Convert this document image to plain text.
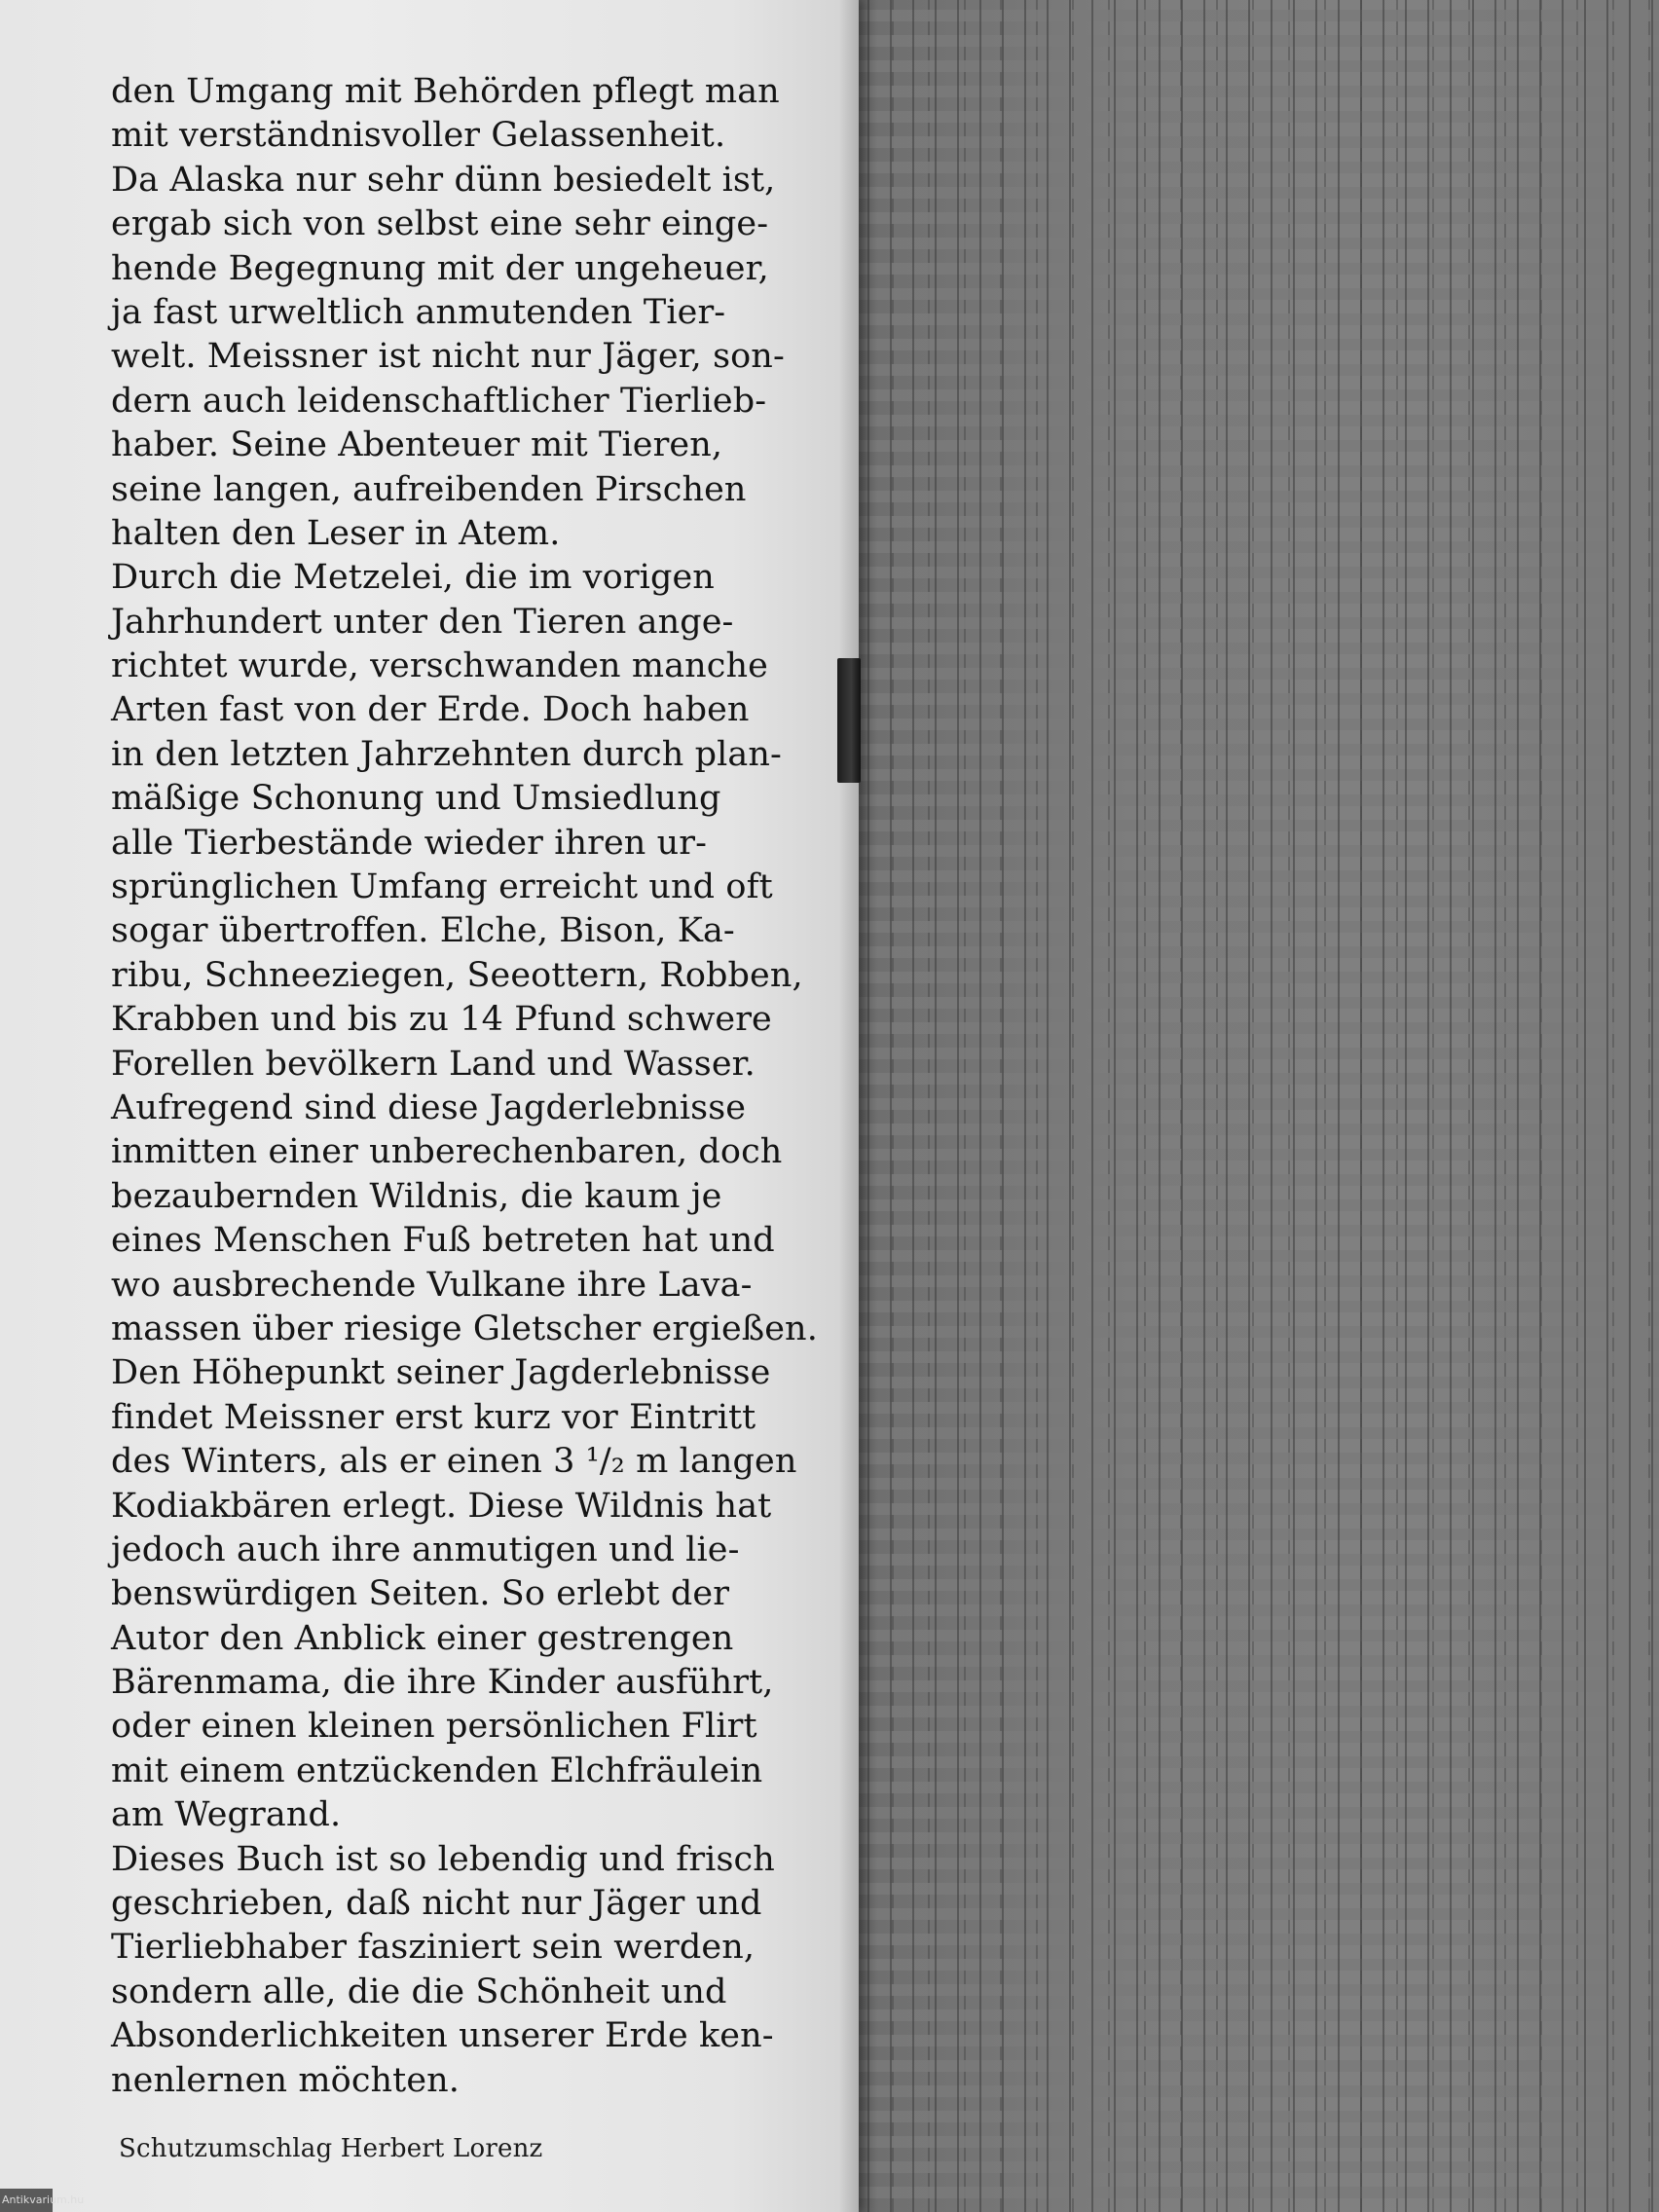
den Umgang mit Behörden pflegt man
mit verständnisvoller Gelassenheit.
Da Alaska nur sehr dünn besiedelt ist,
ergab sich von selbst eine sehr einge-
hende Begegnung mit der ungeheuer,
ja fast urweltlich anmutenden Tier-
welt. Meissner ist nicht nur Jäger, son-
dern auch leidenschaftlicher Tierlieb-
haber. Seine Abenteuer mit Tieren,
seine langen, aufreibenden Pirschen
halten den Leser in Atem.
Durch die Metzelei, die im vorigen
Jahrhundert unter den Tieren ange-
richtet wurde, verschwanden manche
Arten fast von der Erde. Doch haben
in den letzten Jahrzehnten durch plan-
mäßige Schonung und Umsiedlung
alle Tierbestände wieder ihren ur-
sprünglichen Umfang erreicht und oft
sogar übertroffen. Elche, Bison, Ka-
ribu, Schneeziegen, Seeottern, Robben,
Krabben und bis zu 14 Pfund schwere
Forellen bevölkern Land und Wasser.
Aufregend sind diese Jagderlebnisse
inmitten einer unberechenbaren, doch
bezaubernden Wildnis, die kaum je
eines Menschen Fuß betreten hat und
wo ausbrechende Vulkane ihre Lava-
massen über riesige Gletscher ergießen.
Den Höhepunkt seiner Jagderlebnisse
findet Meissner erst kurz vor Eintritt
des Winters, als er einen 3 ¹/₂ m langen
Kodiakbären erlegt. Diese Wildnis hat
jedoch auch ihre anmutigen und lie-
benswürdigen Seiten. So erlebt der
Autor den Anblick einer gestrengen
Bärenmama, die ihre Kinder ausführt,
oder einen kleinen persönlichen Flirt
mit einem entzückenden Elchfräulein
am Wegrand.
Dieses Buch ist so lebendig und frisch
geschrieben, daß nicht nur Jäger und
Tierliebhaber fasziniert sein werden,
sondern alle, die die Schönheit und
Absonderlichkeiten unserer Erde ken-
nenlernen möchten.
Schutzumschlag Herbert Lorenz
Antikvarium.hu
